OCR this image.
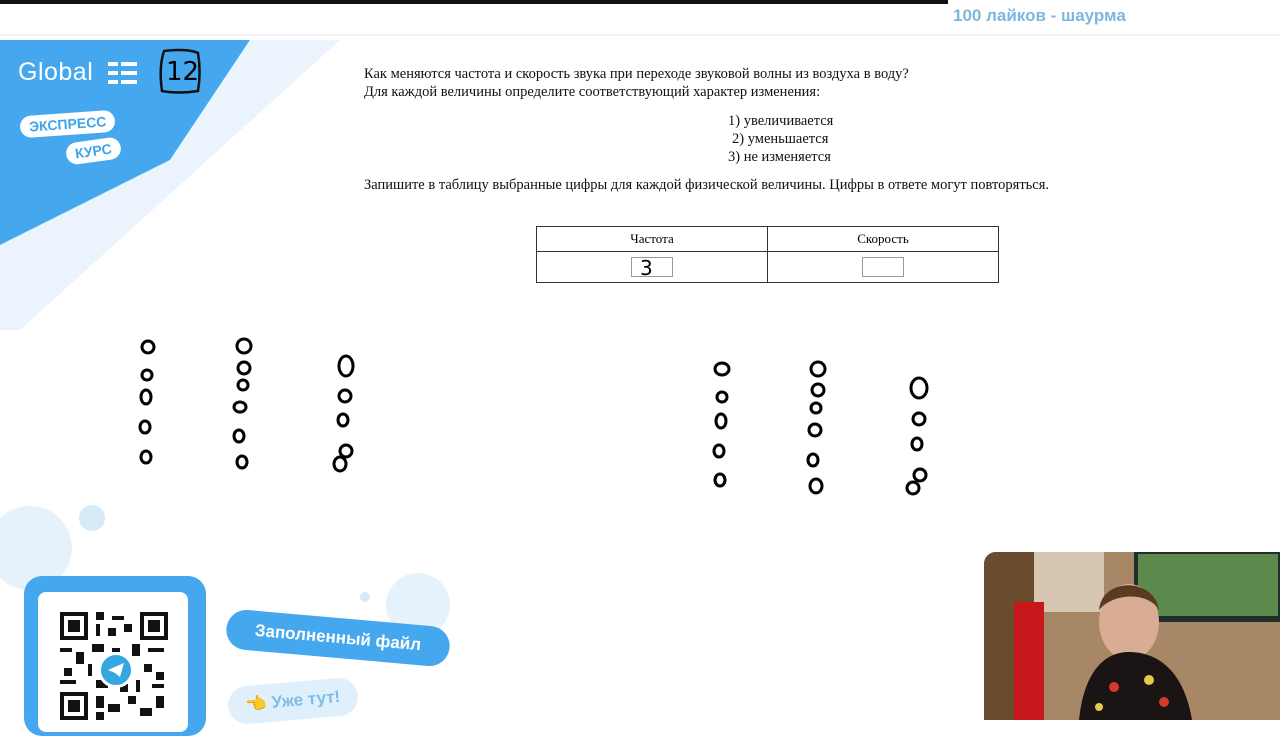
100 лайков - шаурма
Global
ЭКСПРЕСС
КУРС
12	Как меняются частота и скорость звука при переходе звуковой волны из воздуха в воду?
Для каждой величины определите соответствующий характер изменения:
1) увеличивается
2) уменьшается
3) не изменяется
Запишите в таблицу выбранные цифры для каждой физической величины. Цифры в ответе могут повторяться.
Частота	Скорость
3	
Заполненный файл
👈 Уже тут!
